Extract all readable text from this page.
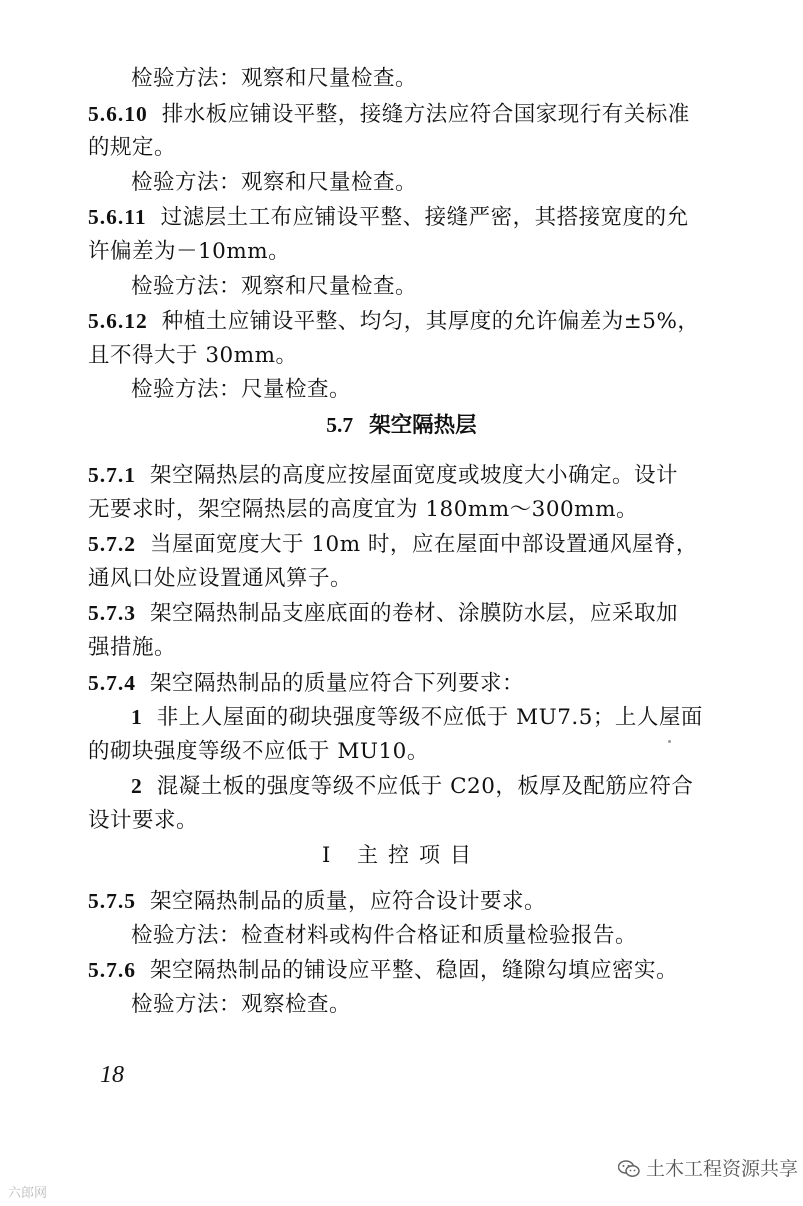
检验方法：观察和尺量检查。
5.6.10 排水板应铺设平整，接缝方法应符合国家现行有关标准
的规定。
检验方法：观察和尺量检查。
5.6.11 过滤层土工布应铺设平整、接缝严密，其搭接宽度的允
许偏差为－10mm。
检验方法：观察和尺量检查。
5.6.12 种植土应铺设平整、均匀，其厚度的允许偏差为±5%，
且不得大于 30mm。
检验方法：尺量检查。
5.7 架空隔热层
5.7.1 架空隔热层的高度应按屋面宽度或坡度大小确定。设计
无要求时，架空隔热层的高度宜为 180mm～300mm。
5.7.2 当屋面宽度大于 10m 时，应在屋面中部设置通风屋脊，
通风口处应设置通风箅子。
5.7.3 架空隔热制品支座底面的卷材、涂膜防水层，应采取加
强措施。
5.7.4 架空隔热制品的质量应符合下列要求：
1 非上人屋面的砌块强度等级不应低于 MU7.5；上人屋面
的砌块强度等级不应低于 MU10。
2 混凝土板的强度等级不应低于 C20，板厚及配筋应符合
设计要求。
Ⅰ 主控项目
5.7.5 架空隔热制品的质量，应符合设计要求。
检验方法：检查材料或构件合格证和质量检验报告。
5.7.6 架空隔热制品的铺设应平整、稳固，缝隙勾填应密实。
检验方法：观察检查。
18
土木工程资源共享
六郎网
